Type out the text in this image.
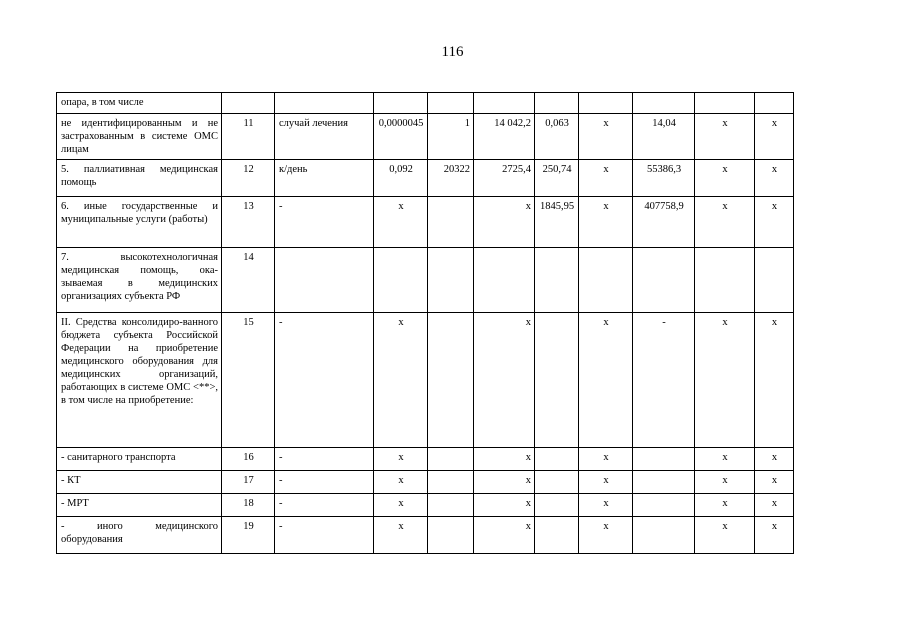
116
опара, в том числе										
не идентифицированным и не застрахованным в системе ОМС лицам	11	случай лечения	0,0000045	1	14 042,2	0,063	х	14,04	х	х
5. паллиативная медицинская помощь	12	к/день	0,092	20322	2725,4	250,74	х	55386,3	х	х
6. иные государственные и муниципальные услуги (работы)	13	-	х		х	1845,95	х	407758,9	х	х
7. высокотехнологичная медицинская помощь, ока-зываемая в медицинских организациях субъекта РФ	14									
II. Средства консолидиро-ванного бюджета субъекта Российской Федерации на приобретение медицинского оборудования для медицинских организаций, работающих в системе ОМС <**>, в том числе на приобретение:	15	-	х		х		х	-	х	х
- санитарного транспорта	16	-	х		х		х		х	х
- КТ	17	-	х		х		х		х	х
- МРТ	18	-	х		х		х		х	х
- иного медицинского оборудования	19	-	х		х		х		х	х
